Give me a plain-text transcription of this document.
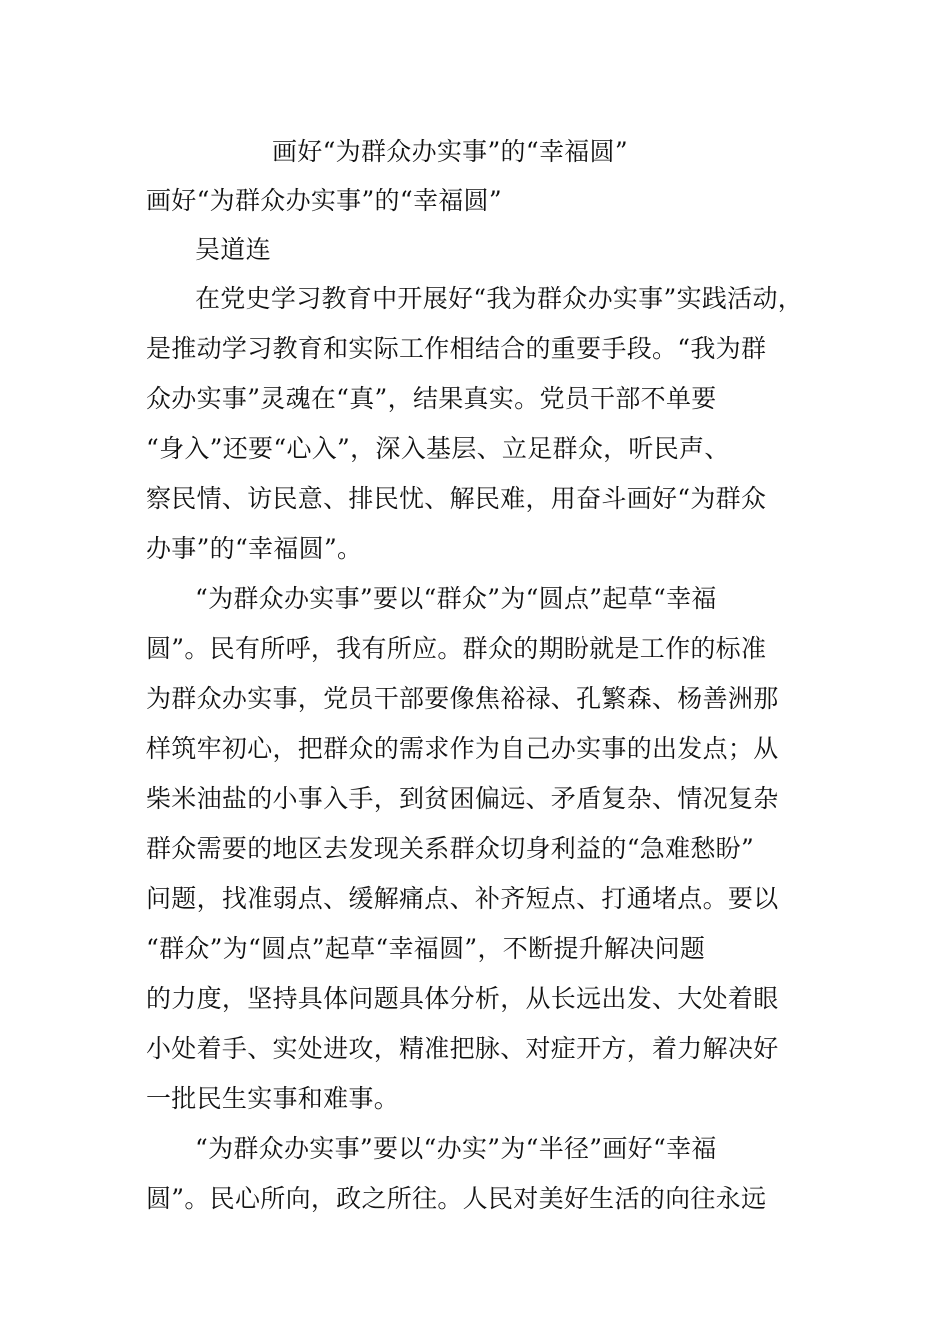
画好“为群众办实事”的“幸福圆”
画好“为群众办实事”的“幸福圆”
吴道连
在党史学习教育中开展好“我为群众办实事”实践活动，
是推动学习教育和实际工作相结合的重要手段。“我为群
众办实事”灵魂在“真”，结果真实。党员干部不单要
“身入”还要“心入”，深入基层、立足群众，听民声、
察民情、访民意、排民忧、解民难，用奋斗画好“为群众
办事”的“幸福圆”。
“为群众办实事”要以“群众”为“圆点”起草“幸福
圆”。民有所呼，我有所应。群众的期盼就是工作的标准
为群众办实事，党员干部要像焦裕禄、孔繁森、杨善洲那
样筑牢初心，把群众的需求作为自己办实事的出发点；从
柴米油盐的小事入手，到贫困偏远、矛盾复杂、情况复杂
群众需要的地区去发现关系群众切身利益的“急难愁盼”
问题，找准弱点、缓解痛点、补齐短点、打通堵点。要以
“群众”为“圆点”起草“幸福圆”，不断提升解决问题
的力度，坚持具体问题具体分析，从长远出发、大处着眼
小处着手、实处进攻，精准把脉、对症开方，着力解决好
一批民生实事和难事。
“为群众办实事”要以“办实”为“半径”画好“幸福
圆”。民心所向，政之所往。人民对美好生活的向往永远
